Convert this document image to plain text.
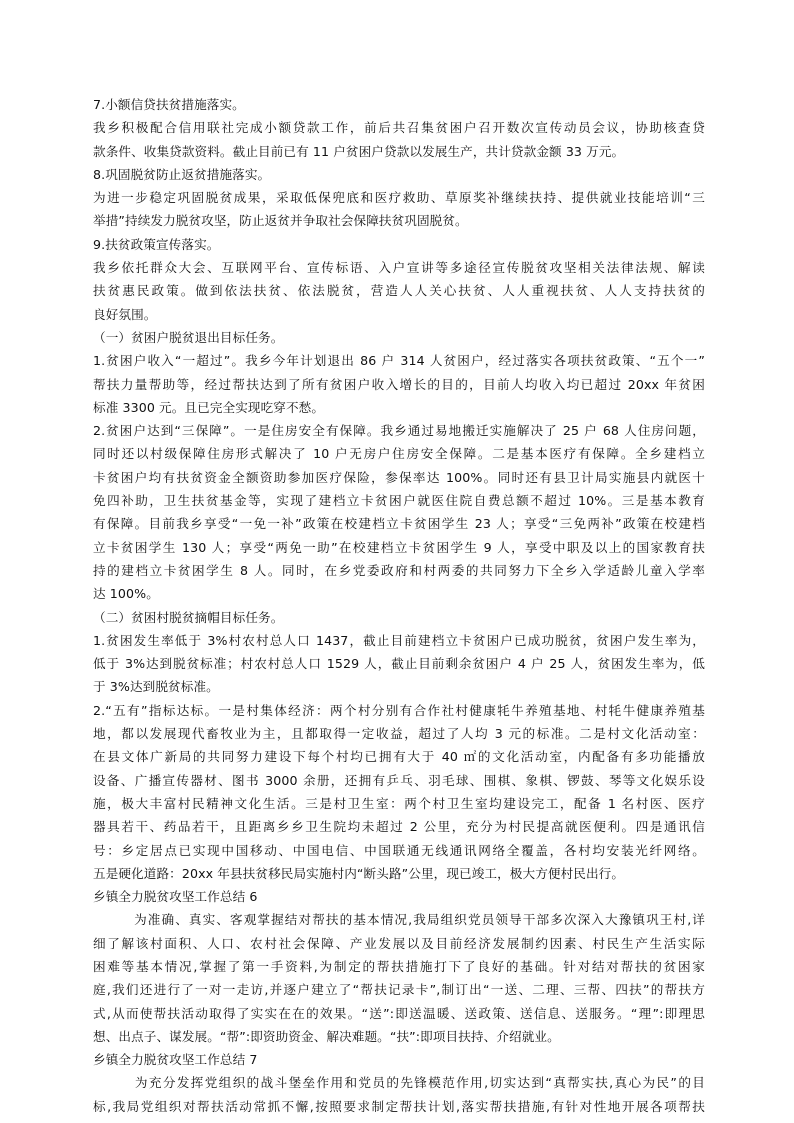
7.小额信贷扶贫措施落实。
我乡积极配合信用联社完成小额贷款工作，前后共召集贫困户召开数次宣传动员会议，协助核查贷
款条件、收集贷款资料。截止目前已有 11 户贫困户贷款以发展生产，共计贷款金额 33 万元。
8.巩固脱贫防止返贫措施落实。
为进一步稳定巩固脱贫成果，采取低保兜底和医疗救助、草原奖补继续扶持、提供就业技能培训“三
举措”持续发力脱贫攻坚，防止返贫并争取社会保障扶贫巩固脱贫。
9.扶贫政策宣传落实。
我乡依托群众大会、互联网平台、宣传标语、入户宣讲等多途径宣传脱贫攻坚相关法律法规、解读
扶贫惠民政策。做到依法扶贫、依法脱贫，营造人人关心扶贫、人人重视扶贫、人人支持扶贫的
良好氛围。
（一）贫困户脱贫退出目标任务。
1.贫困户收入“一超过”。我乡今年计划退出 86 户 314 人贫困户，经过落实各项扶贫政策、“五个一”
帮扶力量帮助等，经过帮扶达到了所有贫困户收入增长的目的，目前人均收入均已超过 20xx 年贫困
标准 3300 元。且已完全实现吃穿不愁。
2.贫困户达到“三保障”。一是住房安全有保障。我乡通过易地搬迁实施解决了 25 户 68 人住房问题，
同时还以村级保障住房形式解决了 10 户无房户住房安全保障。二是基本医疗有保障。全乡建档立
卡贫困户均有扶贫资金全额资助参加医疗保险，参保率达 100%。同时还有县卫计局实施县内就医十
免四补助，卫生扶贫基金等，实现了建档立卡贫困户就医住院自费总额不超过 10%。三是基本教育
有保障。目前我乡享受“一免一补”政策在校建档立卡贫困学生 23 人；享受“三免两补”政策在校建档
立卡贫困学生 130 人；享受“两免一助”在校建档立卡贫困学生 9 人，享受中职及以上的国家教育扶
持的建档立卡贫困学生 8 人。同时，在乡党委政府和村两委的共同努力下全乡入学适龄儿童入学率
达 100%。
（二）贫困村脱贫摘帽目标任务。
1.贫困发生率低于 3%村农村总人口 1437，截止目前建档立卡贫困户已成功脱贫，贫困户发生率为，
低于 3%达到脱贫标准；村农村总人口 1529 人，截止目前剩余贫困户 4 户 25 人，贫困发生率为，低
于 3%达到脱贫标准。
2.“五有”指标达标。一是村集体经济：两个村分别有合作社村健康牦牛养殖基地、村牦牛健康养殖基
地，都以发展现代畜牧业为主，且都取得一定收益，超过了人均 3 元的标准。二是村文化活动室：
在县文体广新局的共同努力建设下每个村均已拥有大于 40 ㎡的文化活动室，内配备有多功能播放
设备、广播宣传器材、图书 3000 余册，还拥有乒乓、羽毛球、围棋、象棋、锣鼓、琴等文化娱乐设
施，极大丰富村民精神文化生活。三是村卫生室：两个村卫生室均建设完工，配备 1 名村医、医疗
器具若干、药品若干，且距离乡乡卫生院均未超过 2 公里，充分为村民提高就医便利。四是通讯信
号：乡定居点已实现中国移动、中国电信、中国联通无线通讯网络全覆盖，各村均安装光纤网络。
五是硬化道路：20xx 年县扶贫移民局实施村内“断头路”公里，现已竣工，极大方便村民出行。
乡镇全力脱贫攻坚工作总结 6
　　　为准确、真实、客观掌握结对帮扶的基本情况,我局组织党员领导干部多次深入大豫镇巩王村,详
细了解该村面积、人口、农村社会保障、产业发展以及目前经济发展制约因素、村民生产生活实际
困难等基本情况,掌握了第一手资料,为制定的帮扶措施打下了良好的基础。针对结对帮扶的贫困家
庭,我们还进行了一对一走访,并逐户建立了“帮扶记录卡”,制订出“一送、二理、三帮、四扶”的帮扶方
式,从而使帮扶活动取得了实实在在的效果。“送”:即送温暖、送政策、送信息、送服务。“理”:即理思
想、出点子、谋发展。“帮”:即资助资金、解决难题。“扶”:即项目扶持、介绍就业。
乡镇全力脱贫攻坚工作总结 7
　　　为充分发挥党组织的战斗堡垒作用和党员的先锋模范作用,切实达到“真帮实扶,真心为民”的目
标,我局党组织对帮扶活动常抓不懈,按照要求制定帮扶计划,落实帮扶措施,有针对性地开展各项帮扶
